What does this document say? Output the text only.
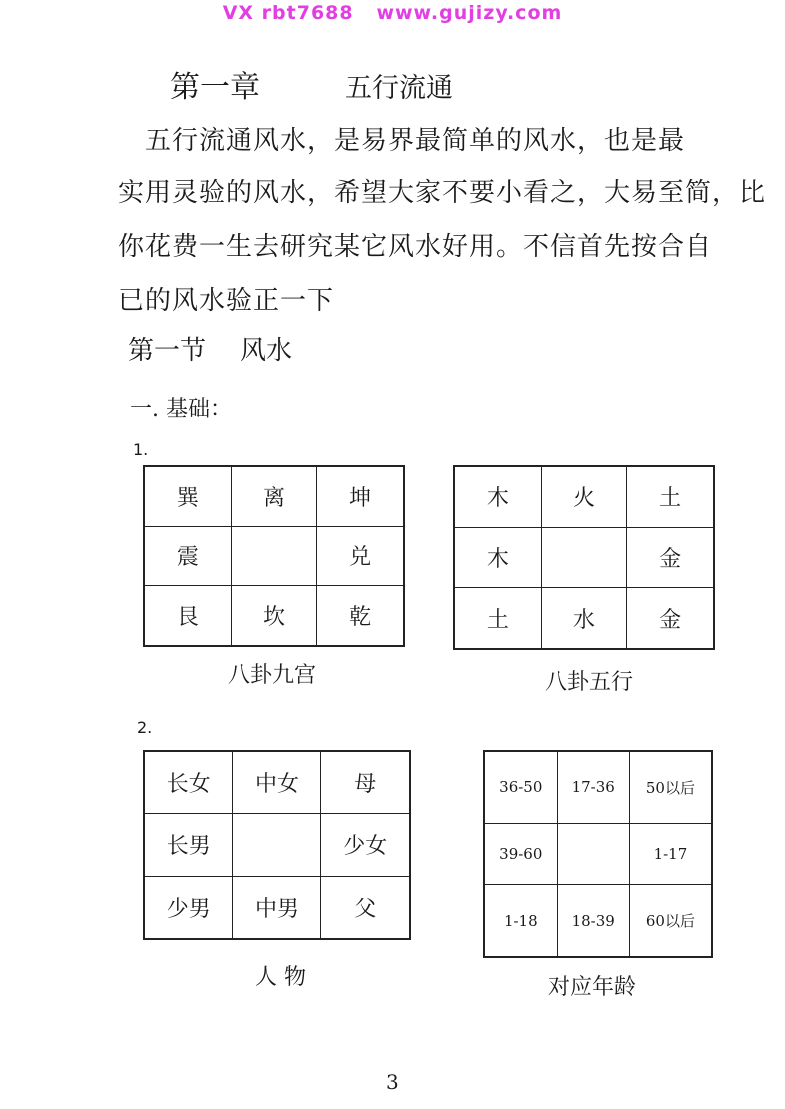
VX rbt7688   www.gujizy.com
第一章	五行流通
五行流通风水，是易界最简单的风水，也是最
实用灵验的风水，希望大家不要小看之，大易至简，比
你花费一生去研究某它风水好用。不信首先按合自
已的风水验正一下
第一节 风水
一. 基础：
1.
巽	离	坤
震		兑
艮	坎	乾
八卦九宫
木	火	土
木		金
土	水	金
八卦五行
2.
长女	中女	母
长男		少女
少男	中男	父
人 物
36-50	17-36	50以后
39-60		1-17
1-18	18-39	60以后
对应年龄
3
